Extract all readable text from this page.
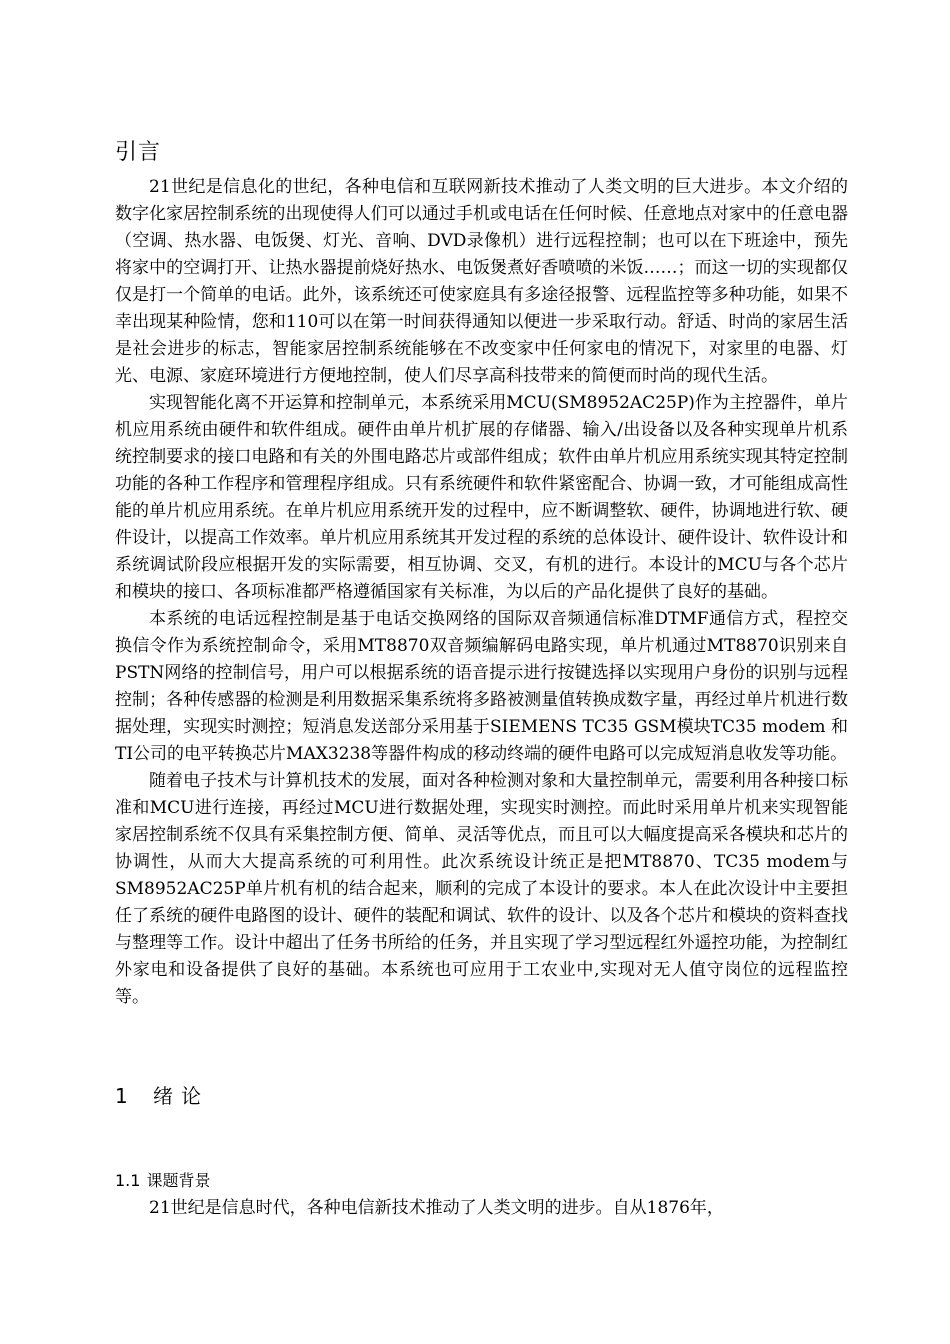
引言

21世纪是信息化的世纪，各种电信和互联网新技术推动了人类文明的巨大进步。本文介绍的数字化家居控制系统的出现使得人们可以通过手机或电话在任何时候、任意地点对家中的任意电器（空调、热水器、电饭煲、灯光、音响、DVD录像机）进行远程控制；也可以在下班途中，预先将家中的空调打开、让热水器提前烧好热水、电饭煲煮好香喷喷的米饭……；而这一切的实现都仅仅是打一个简单的电话。此外，该系统还可使家庭具有多途径报警、远程监控等多种功能，如果不幸出现某种险情，您和110可以在第一时间获得通知以便进一步采取行动。舒适、时尚的家居生活是社会进步的标志，智能家居控制系统能够在不改变家中任何家电的情况下，对家里的电器、灯光、电源、家庭环境进行方便地控制，使人们尽享高科技带来的简便而时尚的现代生活。

实现智能化离不开运算和控制单元，本系统采用MCU(SM8952AC25P)作为主控器件，单片机应用系统由硬件和软件组成。硬件由单片机扩展的存储器、输入/出设备以及各种实现单片机系统控制要求的接口电路和有关的外围电路芯片或部件组成；软件由单片机应用系统实现其特定控制功能的各种工作程序和管理程序组成。只有系统硬件和软件紧密配合、协调一致，才可能组成高性能的单片机应用系统。在单片机应用系统开发的过程中，应不断调整软、硬件，协调地进行软、硬件设计，以提高工作效率。单片机应用系统其开发过程的系统的总体设计、硬件设计、软件设计和系统调试阶段应根据开发的实际需要，相互协调、交叉，有机的进行。本设计的MCU与各个芯片和模块的接口、各项标准都严格遵循国家有关标准，为以后的产品化提供了良好的基础。

本系统的电话远程控制是基于电话交换网络的国际双音频通信标准DTMF通信方式，程控交换信令作为系统控制命令，采用MT8870双音频编解码电路实现，单片机通过MT8870识别来自PSTN网络的控制信号，用户可以根据系统的语音提示进行按键选择以实现用户身份的识别与远程控制；各种传感器的检测是利用数据采集系统将多路被测量值转换成数字量，再经过单片机进行数据处理，实现实时测控；短消息发送部分采用基于SIEMENS TC35 GSM模块TC35 modem 和TI公司的电平转换芯片MAX3238等器件构成的移动终端的硬件电路可以完成短消息收发等功能。

随着电子技术与计算机技术的发展，面对各种检测对象和大量控制单元，需要利用各种接口标准和MCU进行连接，再经过MCU进行数据处理，实现实时测控。而此时采用单片机来实现智能家居控制系统不仅具有采集控制方便、简单、灵活等优点，而且可以大幅度提高采各模块和芯片的协调性，从而大大提高系统的可利用性。此次系统设计统正是把MT8870、TC35 modem与SM8952AC25P单片机有机的结合起来，顺利的完成了本设计的要求。本人在此次设计中主要担任了系统的硬件电路图的设计、硬件的装配和调试、软件的设计、以及各个芯片和模块的资料查找与整理等工作。设计中超出了任务书所给的任务，并且实现了学习型远程红外遥控功能，为控制红外家电和设备提供了良好的基础。本系统也可应用于工农业中,实现对无人值守岗位的远程监控等。

1 绪论
1.1 课题背景

21世纪是信息时代，各种电信新技术推动了人类文明的进步。自从1876年，
